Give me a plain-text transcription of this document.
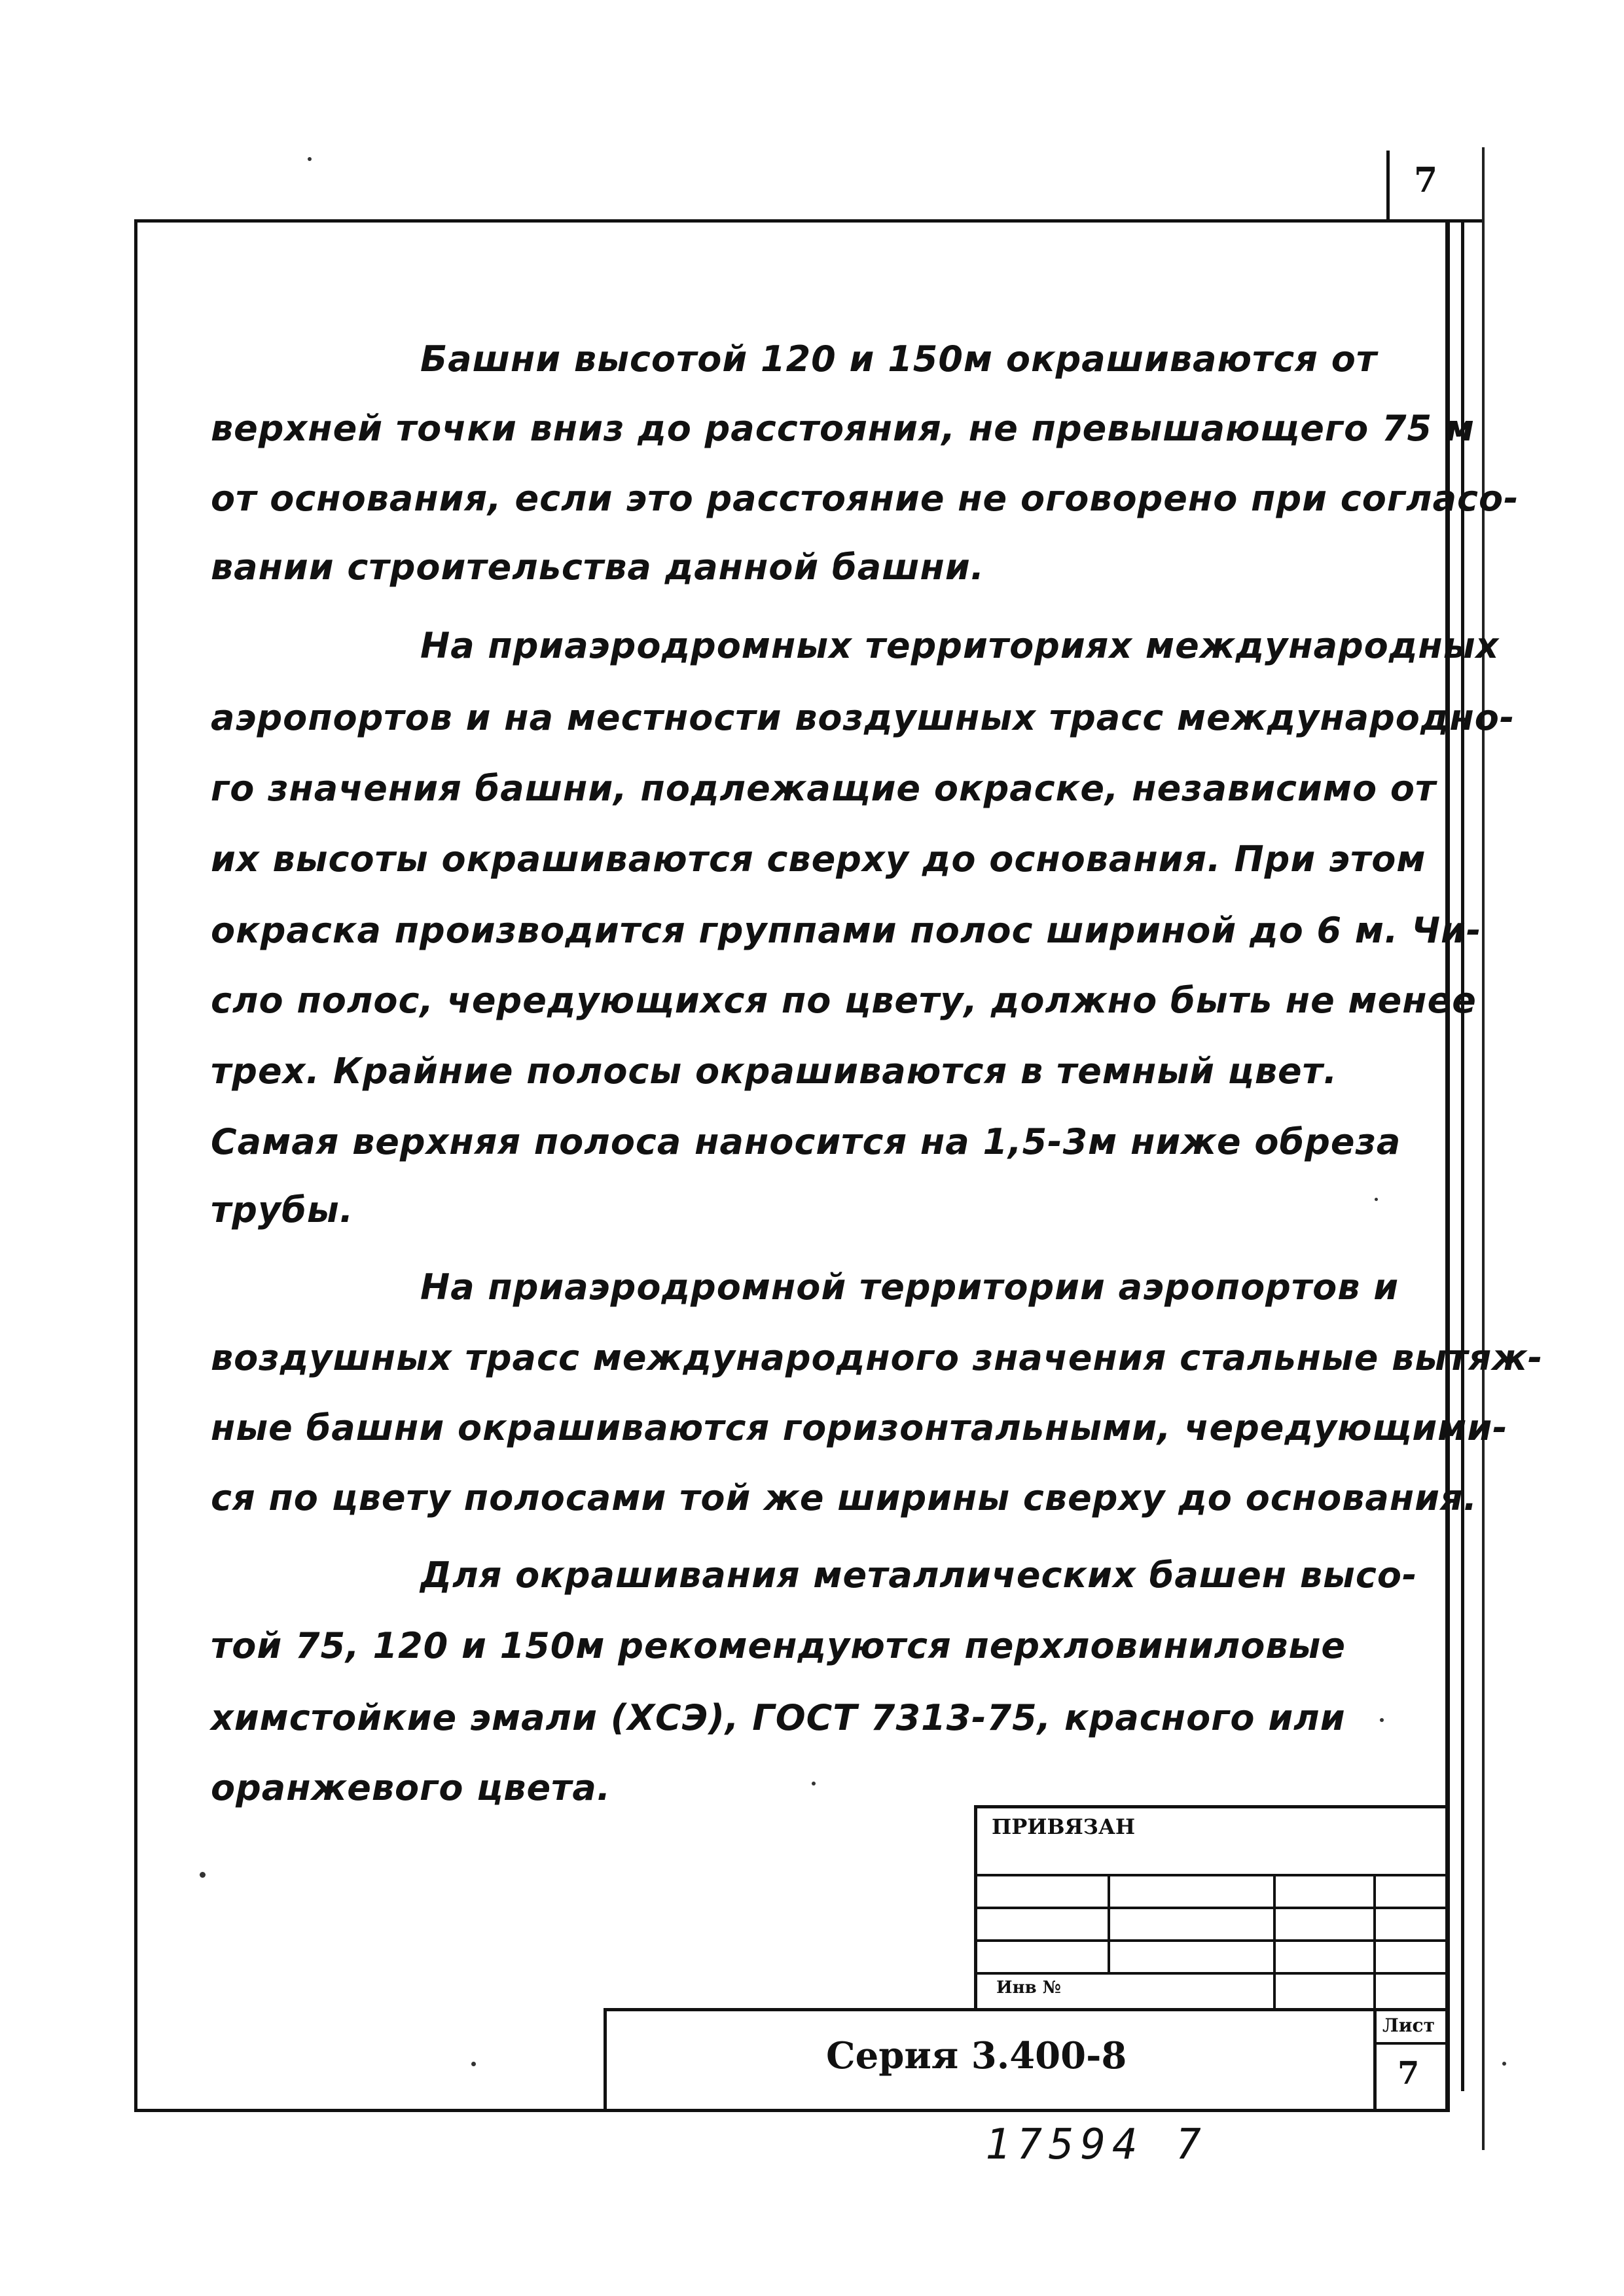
7
Башни высотой 120 и 150м окрашиваются от
верхней точки вниз до расстояния, не превышающего 75 м
от основания, если это расстояние не оговорено при согласо-
вании строительства данной башни.
На приаэродромных территориях международных
аэропортов и на местности воздушных трасс международно-
го значения башни, подлежащие окраске, независимо от
их высоты окрашиваются сверху до основания. При этом
окраска производится группами полос шириной до 6 м. Чи-
сло полос, чередующихся по цвету, должно быть не менее
трех. Крайние полосы окрашиваются в темный цвет.
Самая верхняя полоса наносится на 1,5-3м ниже обреза
трубы.
На приаэродромной территории аэропортов и
воздушных трасс международного значения стальные вытяж-
ные башни окрашиваются горизонтальными, чередующими-
ся по цвету полосами той же ширины сверху до основания.
Для окрашивания металлических башен высо-
той 75, 120 и 150м рекомендуются перхловиниловые
химстойкие эмали (ХСЭ), ГОСТ 7313-75, красного или
оранжевого цвета.
ПРИВЯЗАН
Инв №
Серия 3.400-8
Лист
7
17594 7
